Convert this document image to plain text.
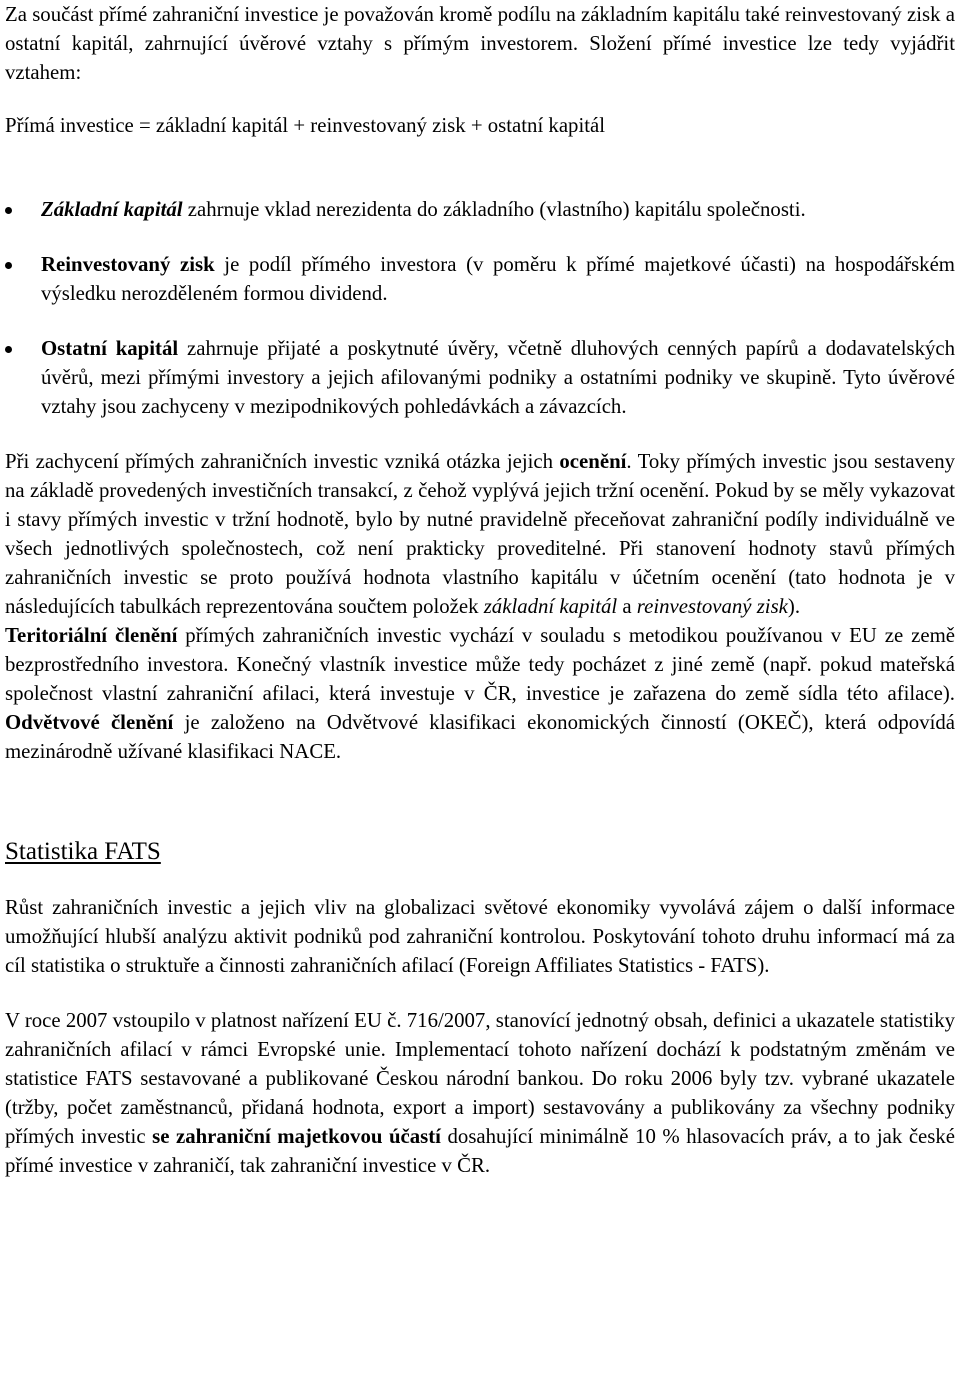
Za součást přímé zahraniční investice je považován kromě podílu na základním kapitálu také reinvestovaný zisk a ostatní kapitál, zahrnující úvěrové vztahy s přímým investorem. Složení přímé investice lze tedy vyjádřit vztahem:

Přímá investice = základní kapitál + reinvestovaný zisk + ostatní kapitál

Základní kapitál zahrnuje vklad nerezidenta do základního (vlastního) kapitálu společnosti.
Reinvestovaný zisk je podíl přímého investora (v poměru k přímé majetkové účasti) na hospodářském výsledku nerozděleném formou dividend.
Ostatní kapitál zahrnuje přijaté a poskytnuté úvěry, včetně dluhových cenných papírů a dodavatelských úvěrů, mezi přímými investory a jejich afilovanými podniky a ostatními podniky ve skupině. Tyto úvěrové vztahy jsou zachyceny v mezipodnikových pohledávkách a závazcích.

Při zachycení přímých zahraničních investic vzniká otázka jejich ocenění. Toky přímých investic jsou sestaveny na základě provedených investičních transakcí, z čehož vyplývá jejich tržní ocenění. Pokud by se měly vykazovat i stavy přímých investic v tržní hodnotě, bylo by nutné pravidelně přeceňovat zahraniční podíly individuálně ve všech jednotlivých společnostech, což není prakticky proveditelné. Při stanovení hodnoty stavů přímých zahraničních investic se proto používá hodnota vlastního kapitálu v účetním ocenění (tato hodnota je v následujících tabulkách reprezentována součtem položek základní kapitál a reinvestovaný zisk).

Teritoriální členění přímých zahraničních investic vychází v souladu s metodikou používanou v EU ze země bezprostředního investora. Konečný vlastník investice může tedy pocházet z jiné země (např. pokud mateřská společnost vlastní zahraniční afilaci, která investuje v ČR, investice je zařazena do země sídla této afilace). Odvětvové členění je založeno na Odvětvové klasifikaci ekonomických činností (OKEČ), která odpovídá mezinárodně užívané klasifikaci NACE.

Statistika FATS

Růst zahraničních investic a jejich vliv na globalizaci světové ekonomiky vyvolává zájem o další informace umožňující hlubší analýzu aktivit podniků pod zahraniční kontrolou. Poskytování tohoto druhu informací má za cíl statistika o struktuře a činnosti zahraničních afilací (Foreign Affiliates Statistics - FATS).

V roce 2007 vstoupilo v platnost nařízení EU č. 716/2007, stanovící jednotný obsah, definici a ukazatele statistiky zahraničních afilací v rámci Evropské unie. Implementací tohoto nařízení dochází k podstatným změnám ve statistice FATS sestavované a publikované Českou národní bankou. Do roku 2006 byly tzv. vybrané ukazatele (tržby, počet zaměstnanců, přidaná hodnota, export a import) sestavovány a publikovány za všechny podniky přímých investic se zahraniční majetkovou účastí dosahující minimálně 10 % hlasovacích práv, a to jak české přímé investice v zahraničí, tak zahraniční investice v ČR.
